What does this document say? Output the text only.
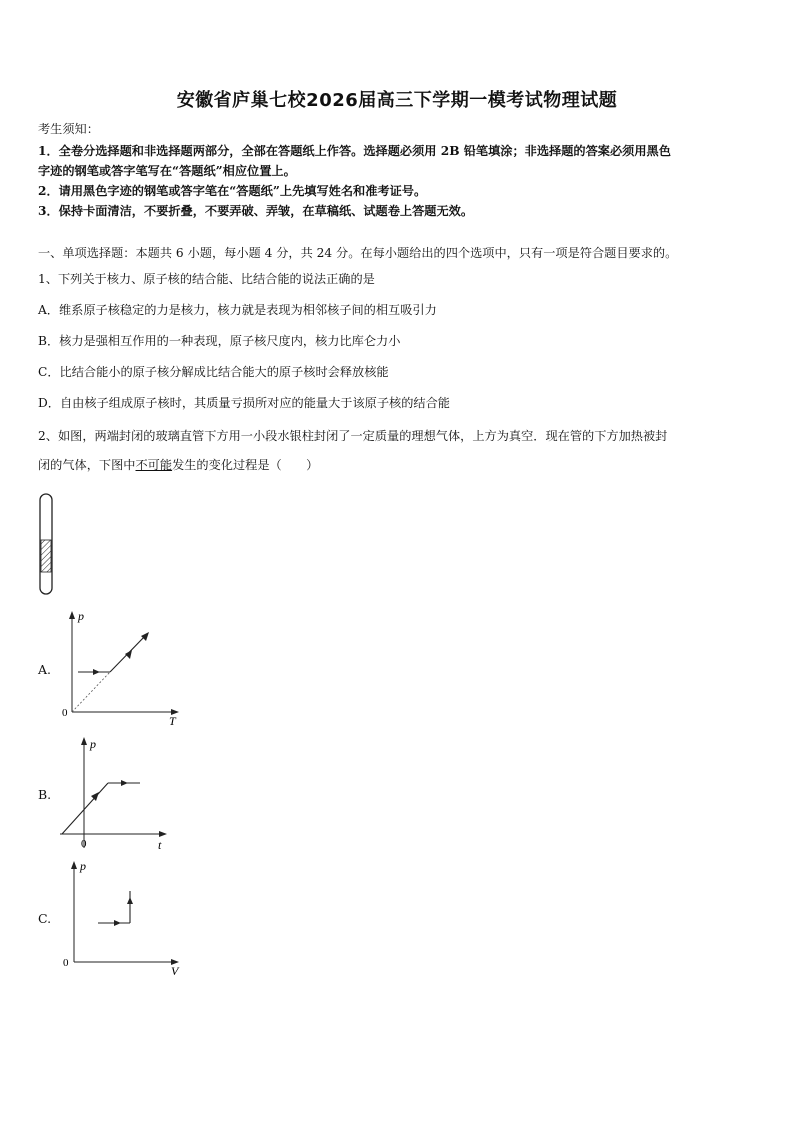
安徽省庐巢七校2026届高三下学期一模考试物理试题
考生须知：
1．全卷分选择题和非选择题两部分，全部在答题纸上作答。选择题必须用 2B 铅笔填涂；非选择题的答案必须用黑色
字迹的钢笔或答字笔写在“答题纸”相应位置上。
2．请用黑色字迹的钢笔或答字笔在“答题纸”上先填写姓名和准考证号。
3．保持卡面清洁，不要折叠，不要弄破、弄皱，在草稿纸、试题卷上答题无效。
一、单项选择题：本题共 6 小题，每小题 4 分，共 24 分。在每小题给出的四个选项中，只有一项是符合题目要求的。
1、下列关于核力、原子核的结合能、比结合能的说法正确的是
A．维系原子核稳定的力是核力，核力就是表现为相邻核子间的相互吸引力
B．核力是强相互作用的一种表现，原子核尺度内，核力比库仑力小
C．比结合能小的原子核分解成比结合能大的原子核时会释放核能
D．自由核子组成原子核时，其质量亏损所对应的能量大于该原子核的结合能
2、如图，两端封闭的玻璃直管下方用一小段水银柱封闭了一定质量的理想气体，上方为真空．现在管的下方加热被封
闭的气体，下图中不可能发生的变化过程是（　　）
A.
p
T
0
B.
p
t
0
C.
p
V
0
